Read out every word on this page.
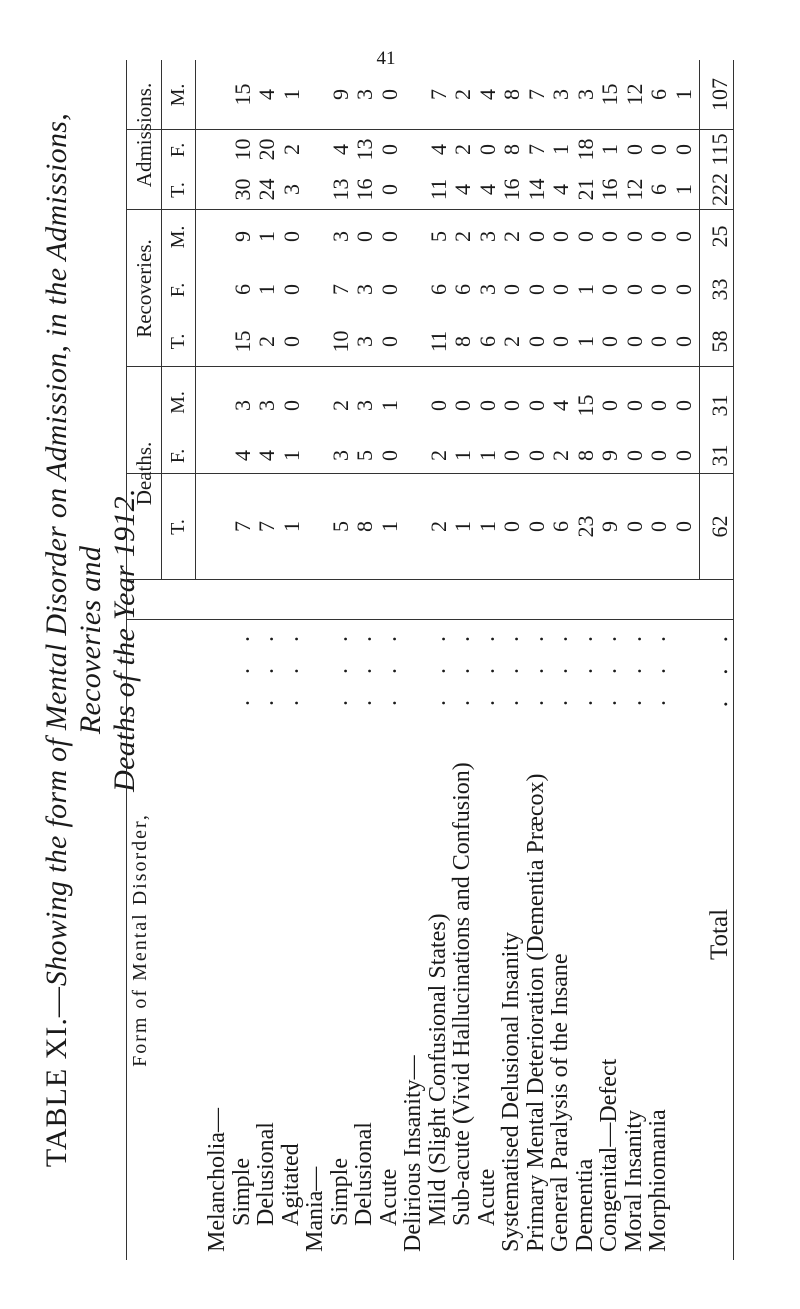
41
TABLE XI.—Showing the form of Mental Disorder on Admission, in the Admissions, Recoveries and
Deaths of the Year 1912.
Form of Mental Disorder,
Admissions.
Recoveries.
Deaths.
M.
F.
T.
M.
F.
T.
M.
F.
T.
Melancholia—
Simple
. . .
Delusional
. . .
Agitated
. . .
Mania—
Simple
. . .
Delusional
. . .
Acute
. . .
Delirious Insanity—
Mild (Slight Confusional States)
. . .
Sub-acute (Vivid Hallucinations and Confusion)
. . .
Acute
. . .
Systematised Delusional Insanity
. . .
Primary Mental Deterioration (Dementia Præcox)
. . .
General Paralysis of the Insane
. . .
Dementia
. . .
Congenital—Defect
. . .
Moral Insanity
. . .
Morphiomania
. . .
Total
. . .
15
10
30
9
6
15
3
4
7
4
20
24
1
1
2
3
4
7
1
2
3
0
0
0
0
1
1
9
4
13
3
7
10
2
3
5
3
13
16
0
3
3
3
5
8
0
0
0
0
0
0
1
0
1
7
4
11
5
6
11
0
2
2
2
2
4
2
6
8
0
1
1
4
0
4
3
3
6
0
1
1
8
8
16
2
0
2
0
0
0
7
7
14
0
0
0
0
0
0
3
1
4
0
0
0
4
2
6
3
18
21
0
1
1
15
8
23
15
1
16
0
0
0
0
9
9
12
0
12
0
0
0
0
0
0
6
0
6
0
0
0
0
0
0
1
0
1
0
0
0
0
0
0
107
115
222
25
33
58
31
31
62
